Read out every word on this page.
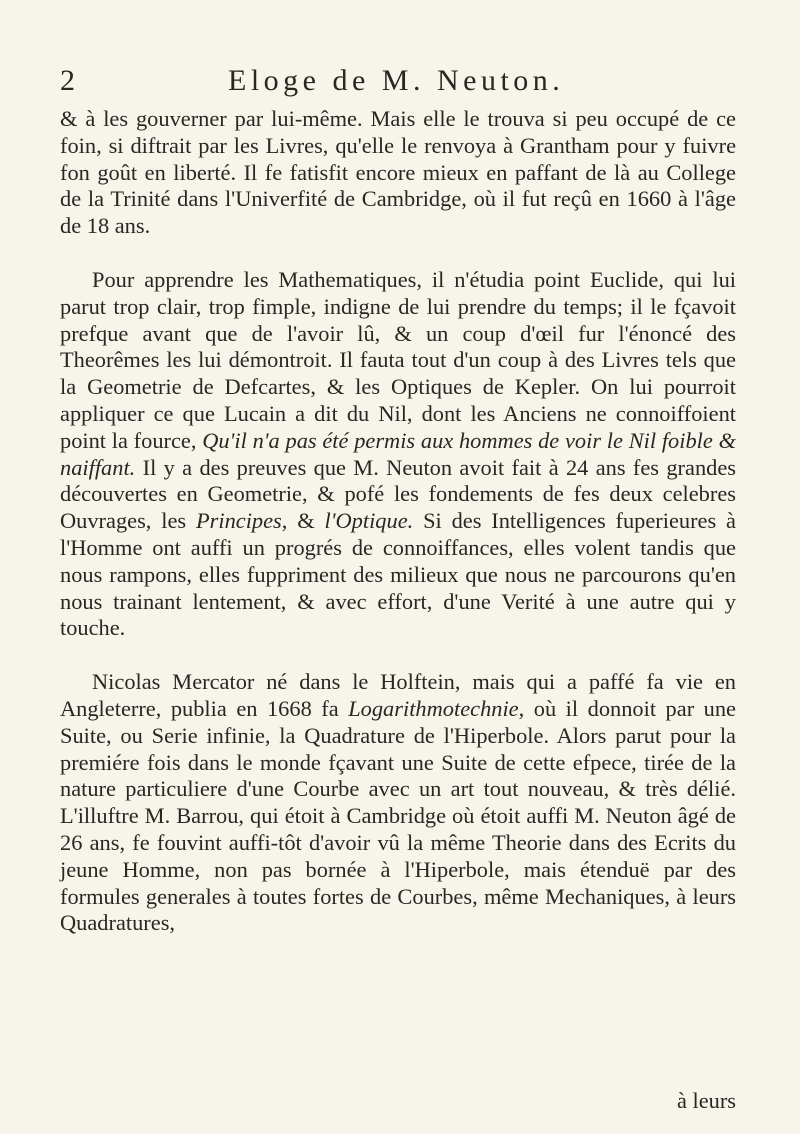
2	Eloge de M. Neuton.

& à les gouverner par lui-même. Mais elle le trouva si peu occupé de ce foin, si diftrait par les Livres, qu'elle le renvoya à Grantham pour y fuivre fon goût en liberté. Il fe fatisfit encore mieux en paffant de là au College de la Trinité dans l'Univerfité de Cambridge, où il fut reçû en 1660 à l'âge de 18 ans.

Pour apprendre les Mathematiques, il n'étudia point Euclide, qui lui parut trop clair, trop fimple, indigne de lui prendre du temps; il le fçavoit prefque avant que de l'avoir lû, & un coup d'œil fur l'énoncé des Theorêmes les lui démontroit. Il fauta tout d'un coup à des Livres tels que la Geometrie de Defcartes, & les Optiques de Kepler. On lui pourroit appliquer ce que Lucain a dit du Nil, dont les Anciens ne connoiffoient point la fource, Qu'il n'a pas été permis aux hommes de voir le Nil foible & naiffant. Il y a des preuves que M. Neuton avoit fait à 24 ans fes grandes découvertes en Geometrie, & pofé les fondements de fes deux celebres Ouvrages, les Principes, & l'Optique. Si des Intelligences fuperieures à l'Homme ont auffi un progrés de connoiffances, elles volent tandis que nous rampons, elles fuppriment des milieux que nous ne parcourons qu'en nous trainant lentement, & avec effort, d'une Verité à une autre qui y touche.

Nicolas Mercator né dans le Holftein, mais qui a paffé fa vie en Angleterre, publia en 1668 fa Logarithmotechnie, où il donnoit par une Suite, ou Serie infinie, la Quadrature de l'Hiperbole. Alors parut pour la premiére fois dans le monde fçavant une Suite de cette efpece, tirée de la nature particuliere d'une Courbe avec un art tout nouveau, & très délié. L'illuftre M. Barrou, qui étoit à Cambridge où étoit auffi M. Neuton âgé de 26 ans, fe fouvint auffi-tôt d'avoir vû la même Theorie dans des Ecrits du jeune Homme, non pas bornée à l'Hiperbole, mais étenduë par des formules generales à toutes fortes de Courbes, même Mechaniques, à leurs Quadratures,

à leurs
